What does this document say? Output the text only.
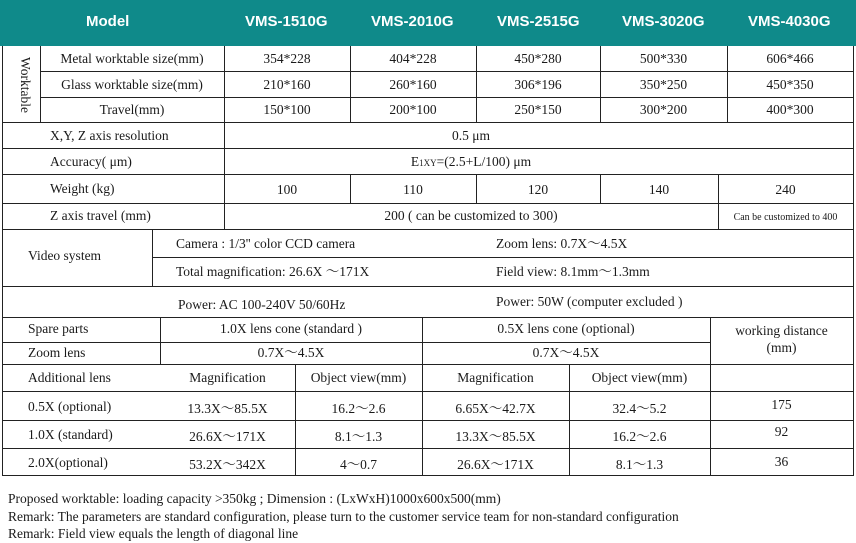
Model	VMS-1510G	VMS-2010G	VMS-2515G	VMS-3020G	VMS-4030G
Worktable	Metal worktable size(mm)	354*228	404*228	450*280	500*330	606*466
Glass worktable size(mm)	210*160	260*160	306*196	350*250	450*350
Travel(mm)	150*100	200*100	250*150	300*200	400*300
X,Y, Z axis resolution	0.5 μm
Accuracy( μm)	E1XY=(2.5+L/100) μm
Weight (kg)	100	110	120	140	240
Z axis travel (mm)	200 ( can be customized to 300)	Can be customized to 400
Video system
Camera : 1/3'' color CCD camera	Zoom lens: 0.7X～4.5X
Total magnification: 26.6X ～171X	Field view: 8.1mm～1.3mm
Power: AC 100-240V 50/60Hz	Power: 50W (computer excluded )
Spare parts	1.0X lens cone (standard )	0.5X lens cone (optional)	working distance
(mm)
Zoom lens	0.7X～4.5X	0.7X～4.5X
Additional lens	Magnification	Object view(mm)	Magnification	Object view(mm)
0.5X (optional)	13.3X～85.5X	16.2～2.6	6.65X～42.7X	32.4～5.2	175
1.0X (standard)	26.6X～171X	8.1～1.3	13.3X～85.5X	16.2～2.6	92
2.0X(optional)	53.2X～342X	4～0.7	26.6X～171X	8.1～1.3	36
Proposed worktable: loading capacity >350kg ; Dimension : (LxWxH)1000x600x500(mm)
Remark: The parameters are standard configuration, please turn to the customer service team for non-standard configuration
Remark: Field view equals the length of diagonal line
